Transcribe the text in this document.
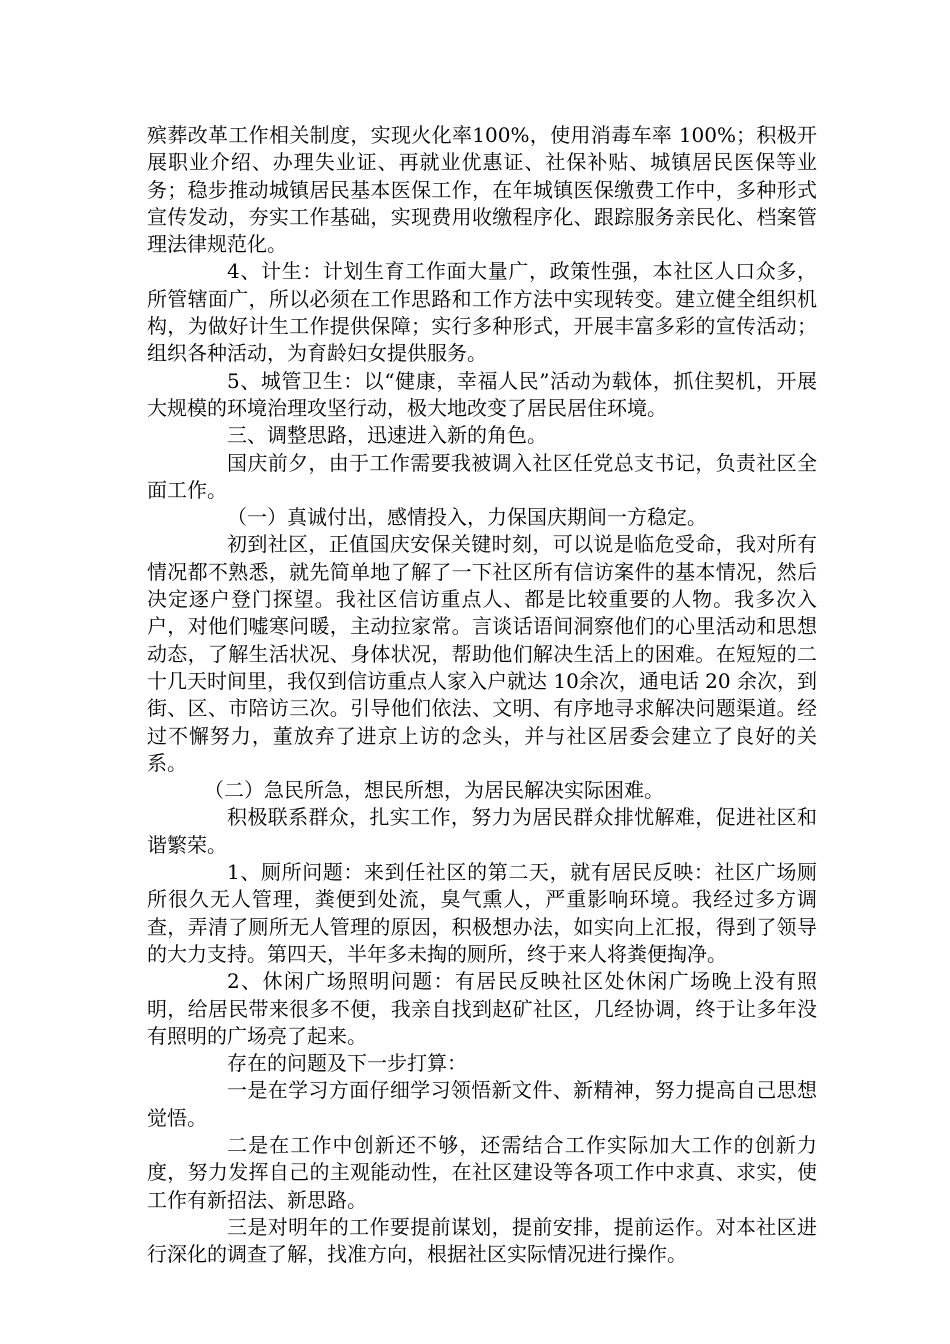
殡葬改革工作相关制度，实现火化率100%，使用消毒车率 100%；积极开展职业介绍、办理失业证、再就业优惠证、社保补贴、城镇居民医保等业务；稳步推动城镇居民基本医保工作，在年城镇医保缴费工作中，多种形式宣传发动，夯实工作基础，实现费用收缴程序化、跟踪服务亲民化、档案管理法律规范化。

4、计生：计划生育工作面大量广，政策性强，本社区人口众多，所管辖面广，所以必须在工作思路和工作方法中实现转变。建立健全组织机构，为做好计生工作提供保障；实行多种形式，开展丰富多彩的宣传活动；组织各种活动，为育龄妇女提供服务。

5、城管卫生：以“健康，幸福人民”活动为载体，抓住契机，开展大规模的环境治理攻坚行动，极大地改变了居民居住环境。

三、调整思路，迅速进入新的角色。

国庆前夕，由于工作需要我被调入社区任党总支书记，负责社区全面工作。

（一）真诚付出，感情投入，力保国庆期间一方稳定。

初到社区，正值国庆安保关键时刻，可以说是临危受命，我对所有情况都不熟悉，就先简单地了解了一下社区所有信访案件的基本情况，然后决定逐户登门探望。我社区信访重点人、都是比较重要的人物。我多次入户，对他们嘘寒问暖，主动拉家常。言谈话语间洞察他们的心里活动和思想动态，了解生活状况、身体状况，帮助他们解决生活上的困难。在短短的二十几天时间里，我仅到信访重点人家入户就达 10余次，通电话 20 余次，到街、区、市陪访三次。引导他们依法、文明、有序地寻求解决问题渠道。经过不懈努力，董放弃了进京上访的念头，并与社区居委会建立了良好的关系。

（二）急民所急，想民所想，为居民解决实际困难。

积极联系群众，扎实工作，努力为居民群众排忧解难，促进社区和谐繁荣。

1、厕所问题：来到任社区的第二天，就有居民反映：社区广场厕所很久无人管理，粪便到处流，臭气熏人，严重影响环境。我经过多方调查，弄清了厕所无人管理的原因，积极想办法，如实向上汇报，得到了领导的大力支持。第四天，半年多未掏的厕所，终于来人将粪便掏净。

2、休闲广场照明问题：有居民反映社区处休闲广场晚上没有照明，给居民带来很多不便，我亲自找到赵矿社区，几经协调，终于让多年没有照明的广场亮了起来。

存在的问题及下一步打算：

一是在学习方面仔细学习领悟新文件、新精神，努力提高自己思想觉悟。

二是在工作中创新还不够，还需结合工作实际加大工作的创新力度，努力发挥自己的主观能动性，在社区建设等各项工作中求真、求实，使工作有新招法、新思路。

三是对明年的工作要提前谋划，提前安排，提前运作。对本社区进行深化的调查了解，找准方向，根据社区实际情况进行操作。
